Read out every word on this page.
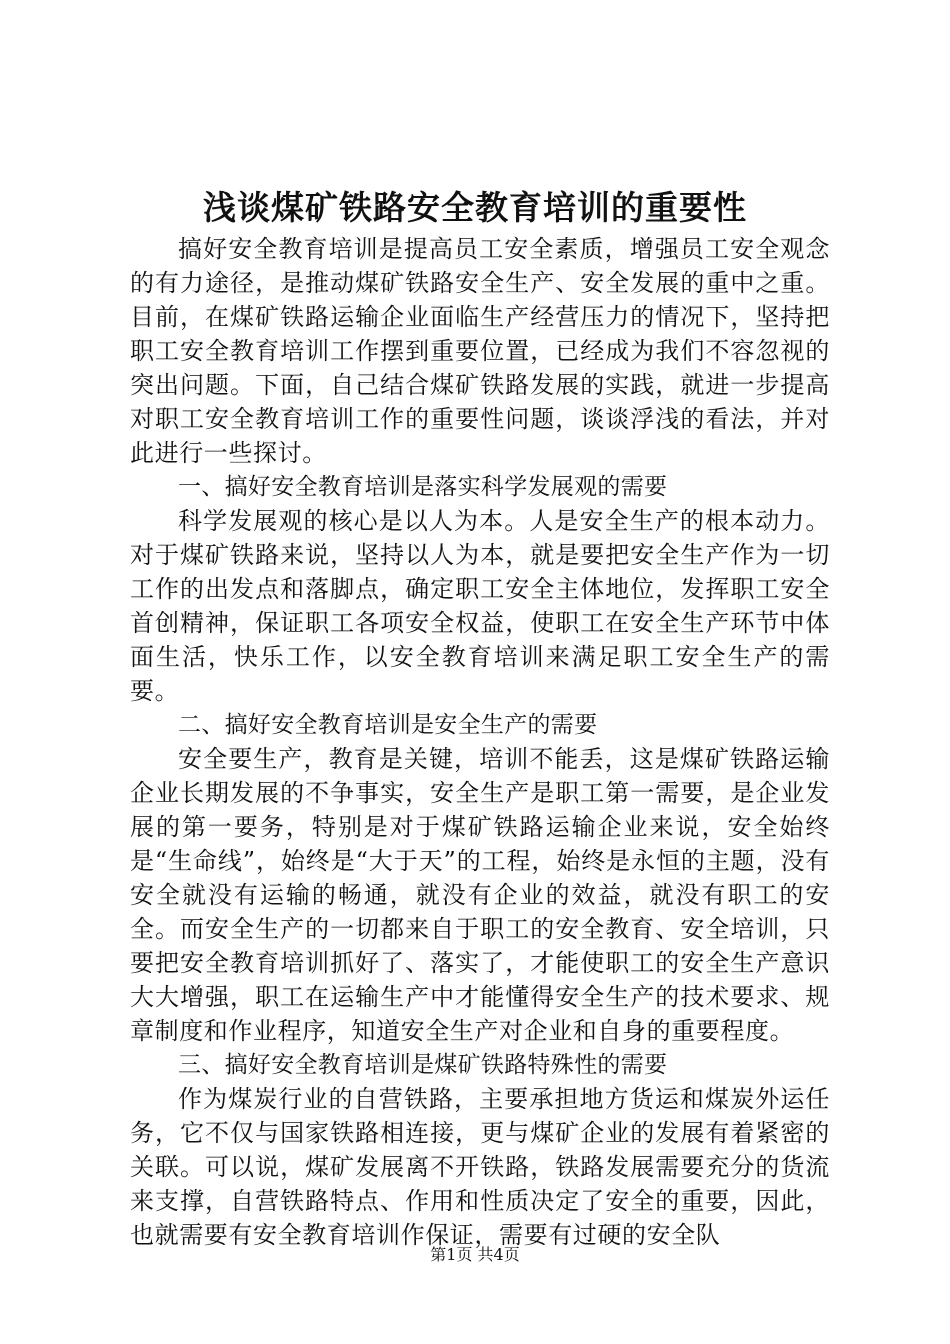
浅谈煤矿铁路安全教育培训的重要性

搞好安全教育培训是提高员工安全素质，增强员工安全观念的有力途径，是推动煤矿铁路安全生产、安全发展的重中之重。目前，在煤矿铁路运输企业面临生产经营压力的情况下，坚持把职工安全教育培训工作摆到重要位置，已经成为我们不容忽视的突出问题。下面，自己结合煤矿铁路发展的实践，就进一步提高对职工安全教育培训工作的重要性问题，谈谈浮浅的看法，并对此进行一些探讨。

一、搞好安全教育培训是落实科学发展观的需要

科学发展观的核心是以人为本。人是安全生产的根本动力。对于煤矿铁路来说，坚持以人为本，就是要把安全生产作为一切工作的出发点和落脚点，确定职工安全主体地位，发挥职工安全首创精神，保证职工各项安全权益，使职工在安全生产环节中体面生活，快乐工作，以安全教育培训来满足职工安全生产的需要。

二、搞好安全教育培训是安全生产的需要

安全要生产，教育是关键，培训不能丢，这是煤矿铁路运输企业长期发展的不争事实，安全生产是职工第一需要，是企业发展的第一要务，特别是对于煤矿铁路运输企业来说，安全始终是“生命线”，始终是“大于天”的工程，始终是永恒的主题，没有安全就没有运输的畅通，就没有企业的效益，就没有职工的安全。而安全生产的一切都来自于职工的安全教育、安全培训，只要把安全教育培训抓好了、落实了，才能使职工的安全生产意识大大增强，职工在运输生产中才能懂得安全生产的技术要求、规章制度和作业程序，知道安全生产对企业和自身的重要程度。

三、搞好安全教育培训是煤矿铁路特殊性的需要

作为煤炭行业的自营铁路，主要承担地方货运和煤炭外运任务，它不仅与国家铁路相连接，更与煤矿企业的发展有着紧密的关联。可以说，煤矿发展离不开铁路，铁路发展需要充分的货流来支撑，自营铁路特点、作用和性质决定了安全的重要，因此，也就需要有安全教育培训作保证，需要有过硬的安全队

第1页 共4页
